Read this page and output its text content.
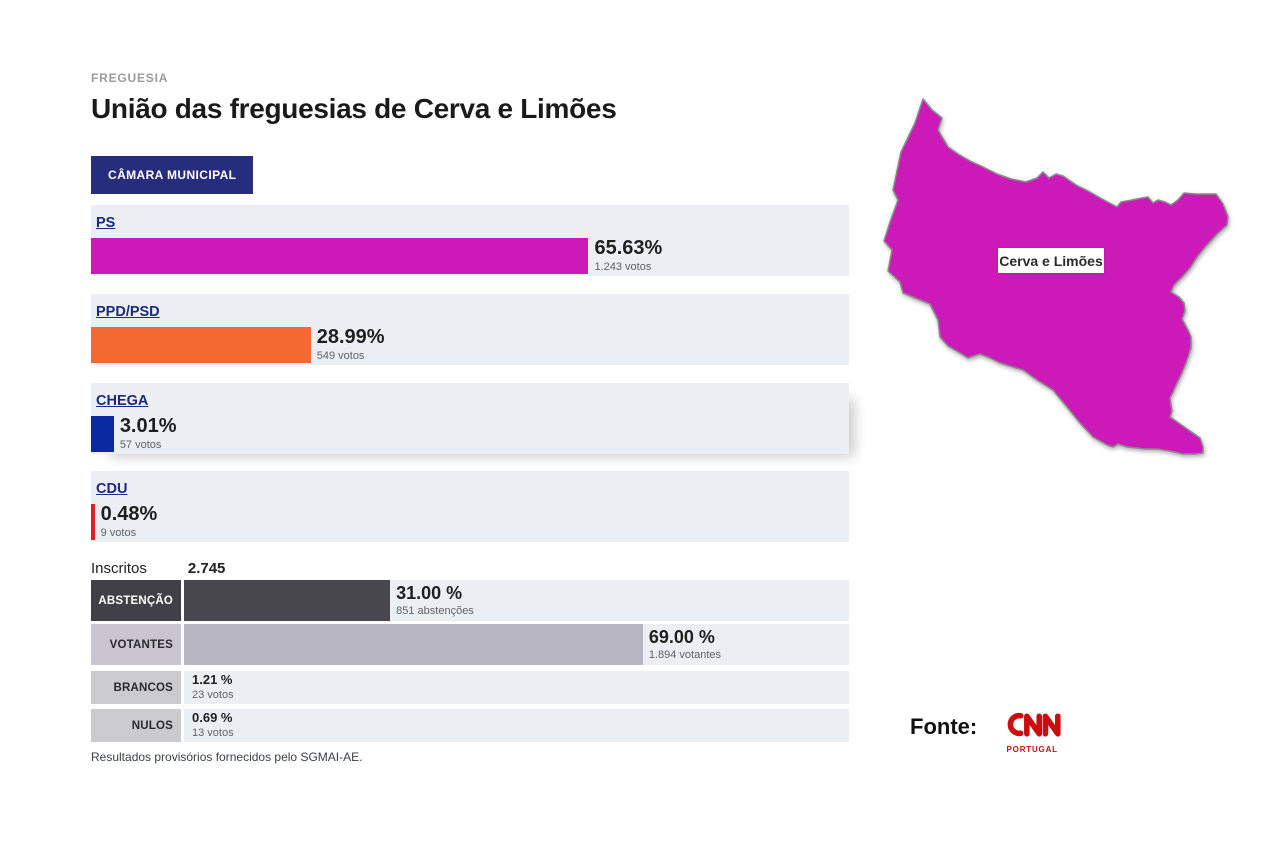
FREGUESIA
União das freguesias de Cerva e Limões
CÂMARA MUNICIPAL
PS
65.63%
1.243 votos
PPD/PSD
28.99%
549 votos
CHEGA
3.01%
57 votos
CDU
0.48%
9 votos
Inscritos	2.745
ABSTENÇÃO	31.00 %
851 abstenções
VOTANTES	69.00 %
1.894 votantes
BRANCOS
1.21 %
23 votos
NULOS
0.69 %
13 votos
Resultados provisórios fornecidos pelo SGMAI-AE.
Cerva e Limões
Fonte:
PORTUGAL
